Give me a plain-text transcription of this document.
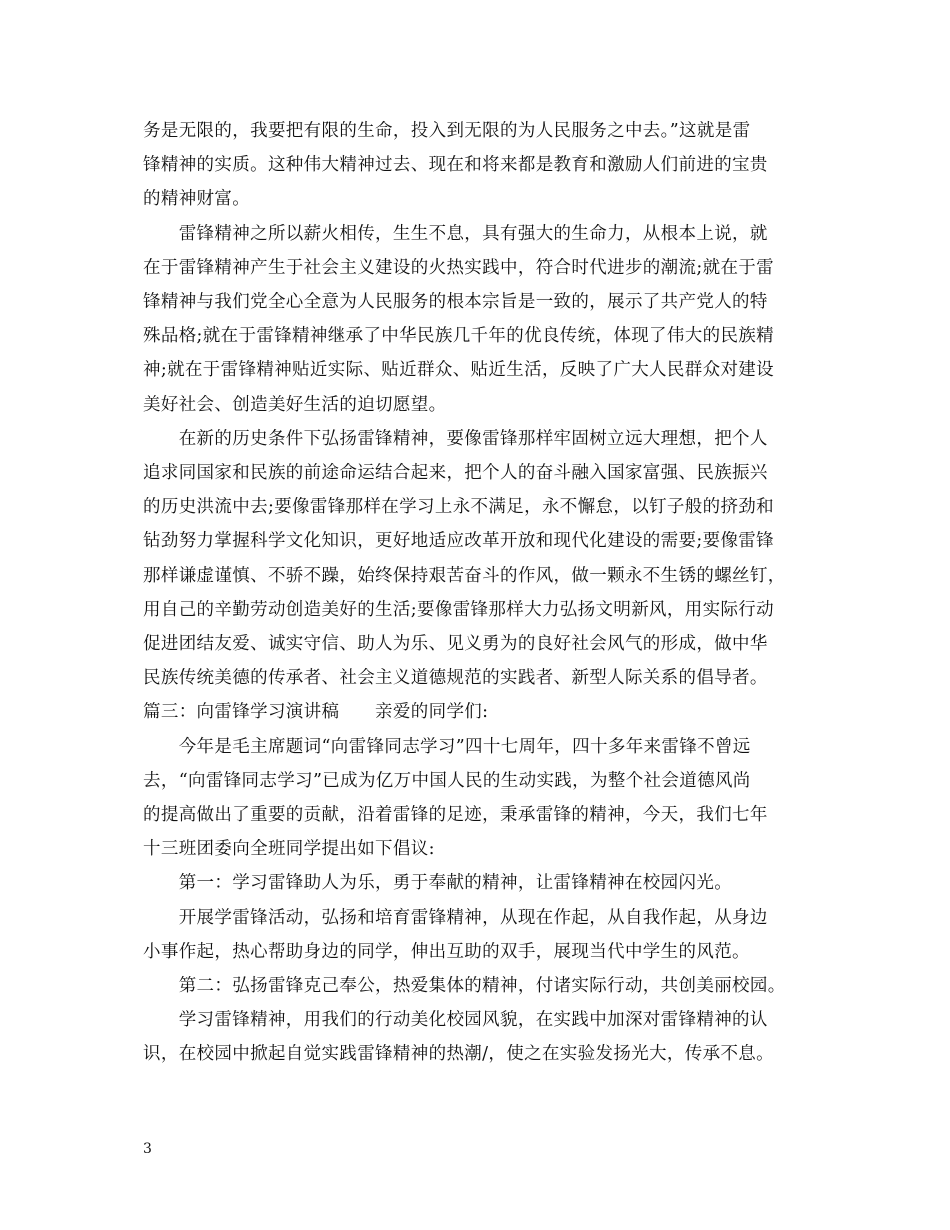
务是无限的，我要把有限的生命，投入到无限的为人民服务之中去。”这就是雷
锋精神的实质。这种伟大精神过去、现在和将来都是教育和激励人们前进的宝贵
的精神财富。
　　雷锋精神之所以薪火相传，生生不息，具有强大的生命力，从根本上说，就
在于雷锋精神产生于社会主义建设的火热实践中，符合时代进步的潮流;就在于雷
锋精神与我们党全心全意为人民服务的根本宗旨是一致的，展示了共产党人的特
殊品格;就在于雷锋精神继承了中华民族几千年的优良传统，体现了伟大的民族精
神;就在于雷锋精神贴近实际、贴近群众、贴近生活，反映了广大人民群众对建设
美好社会、创造美好生活的迫切愿望。
　　在新的历史条件下弘扬雷锋精神，要像雷锋那样牢固树立远大理想，把个人
追求同国家和民族的前途命运结合起来，把个人的奋斗融入国家富强、民族振兴
的历史洪流中去;要像雷锋那样在学习上永不满足，永不懈怠，以钉子般的挤劲和
钻劲努力掌握科学文化知识，更好地适应改革开放和现代化建设的需要;要像雷锋
那样谦虚谨慎、不骄不躁，始终保持艰苦奋斗的作风，做一颗永不生锈的螺丝钉，
用自己的辛勤劳动创造美好的生活;要像雷锋那样大力弘扬文明新风，用实际行动
促进团结友爱、诚实守信、助人为乐、见义勇为的良好社会风气的形成，做中华
民族传统美德的传承者、社会主义道德规范的实践者、新型人际关系的倡导者。
篇三：向雷锋学习演讲稿　　亲爱的同学们:
　　今年是毛主席题词“向雷锋同志学习”四十七周年，四十多年来雷锋不曾远
去，“向雷锋同志学习”已成为亿万中国人民的生动实践，为整个社会道德风尚
的提高做出了重要的贡献，沿着雷锋的足迹，秉承雷锋的精神，今天，我们七年
十三班团委向全班同学提出如下倡议:
　　第一：学习雷锋助人为乐，勇于奉献的精神，让雷锋精神在校园闪光。
　　开展学雷锋活动，弘扬和培育雷锋精神，从现在作起，从自我作起，从身边
小事作起，热心帮助身边的同学，伸出互助的双手，展现当代中学生的风范。
　　第二：弘扬雷锋克己奉公，热爱集体的精神，付诸实际行动，共创美丽校园。
　　学习雷锋精神，用我们的行动美化校园风貌，在实践中加深对雷锋精神的认
识，在校园中掀起自觉实践雷锋精神的热潮/，使之在实验发扬光大，传承不息。
3
